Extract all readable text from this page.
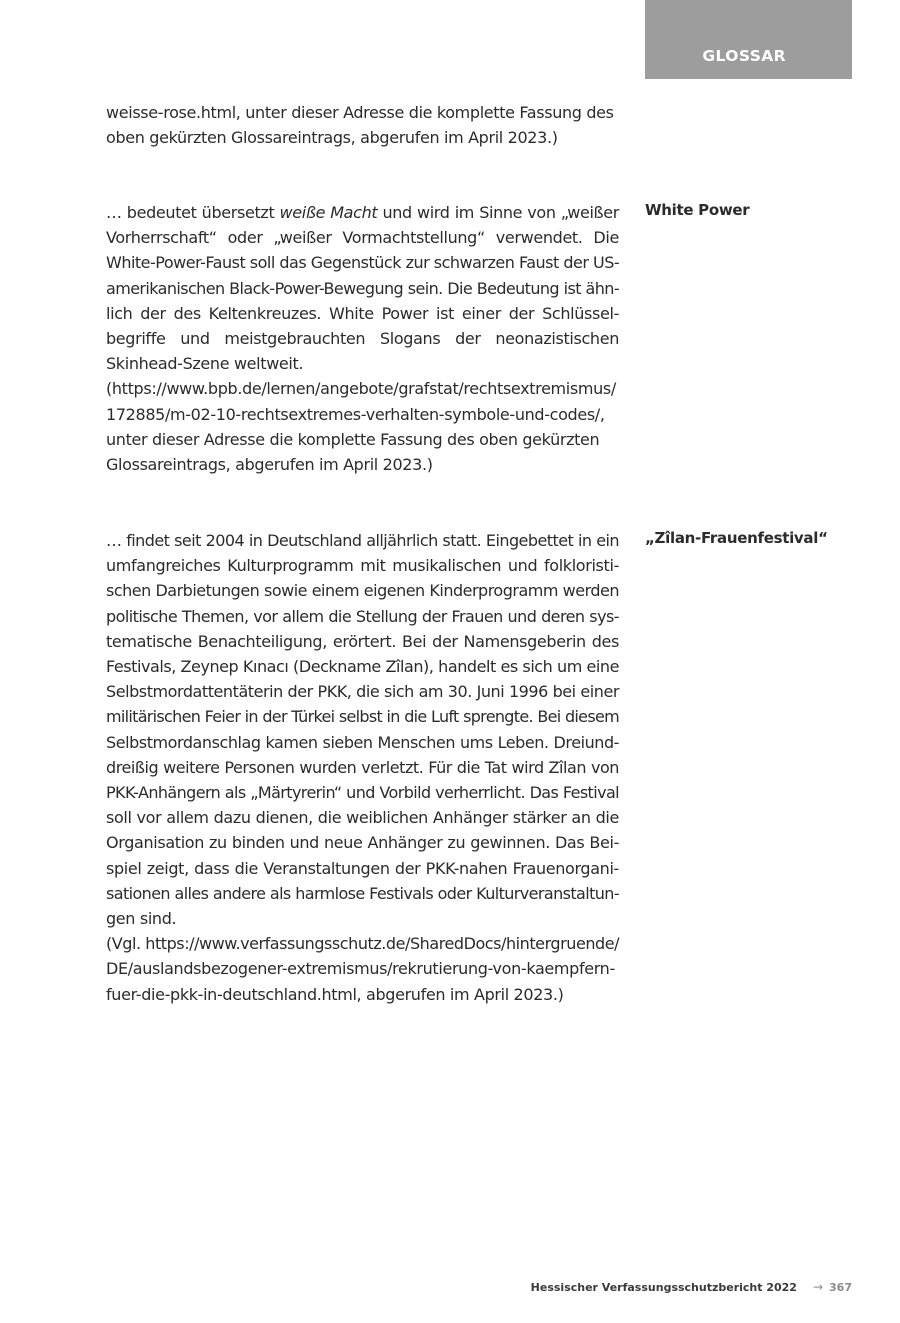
GLOSSAR
weisse-rose.html, unter dieser Adresse die komplette Fassung des
oben gekürzten Glossareintrags, abgerufen im April 2023.)
… bedeutet übersetzt weiße Macht und wird im Sinne von „weißer
Vorherrschaft“ oder „weißer Vormachtstellung“ verwendet. Die
White-Power-Faust soll das Gegenstück zur schwarzen Faust der US-
amerikanischen Black-Power-Bewegung sein. Die Bedeutung ist ähn-
lich der des Keltenkreuzes. White Power ist einer der Schlüssel-
begriffe und meistgebrauchten Slogans der neonazistischen
Skinhead-Szene weltweit.
(https://www.bpb.de/lernen/angebote/grafstat/rechtsextremismus/
172885/m-02-10-rechtsextremes-verhalten-symbole-und-codes/,
unter dieser Adresse die komplette Fassung des oben gekürzten
Glossareintrags, abgerufen im April 2023.)
White Power
… findet seit 2004 in Deutschland alljährlich statt. Eingebettet in ein
umfangreiches Kulturprogramm mit musikalischen und folkloristi-
schen Darbietungen sowie einem eigenen Kinderprogramm werden
politische Themen, vor allem die Stellung der Frauen und deren sys-
tematische Benachteiligung, erörtert. Bei der Namensgeberin des
Festivals, Zeynep Kınacı (Deckname Zîlan), handelt es sich um eine
Selbstmordattentäterin der PKK, die sich am 30. Juni 1996 bei einer
militärischen Feier in der Türkei selbst in die Luft sprengte. Bei diesem
Selbstmordanschlag kamen sieben Menschen ums Leben. Dreiund-
dreißig weitere Personen wurden verletzt. Für die Tat wird Zîlan von
PKK-Anhängern als „Märtyrerin“ und Vorbild verherrlicht. Das Festival
soll vor allem dazu dienen, die weiblichen Anhänger stärker an die
Organisation zu binden und neue Anhänger zu gewinnen. Das Bei-
spiel zeigt, dass die Veranstaltungen der PKK-nahen Frauenorgani-
sationen alles andere als harmlose Festivals oder Kulturveranstaltun-
gen sind.
(Vgl. https://www.verfassungsschutz.de/SharedDocs/hintergruende/
DE/auslandsbezogener-extremismus/rekrutierung-von-kaempfern-
fuer-die-pkk-in-deutschland.html, abgerufen im April 2023.)
„Zîlan-Frauenfestival“
Hessischer Verfassungsschutzbericht 2022 → 367
